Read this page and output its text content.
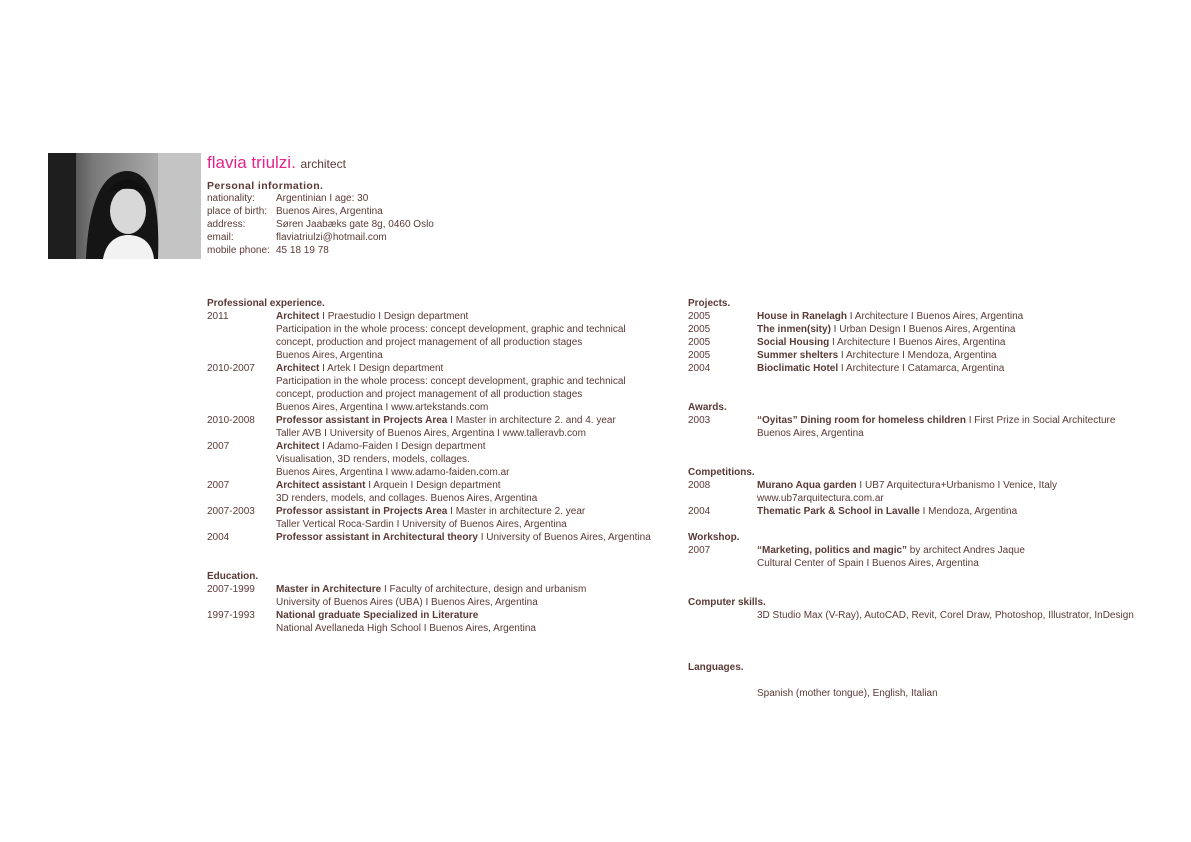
flavia triulzi. architect
Personal information.
nationality:	Argentinian I age: 30
place of birth: Buenos Aires, Argentina
address:	Søren Jaabæks gate 8g, 0460 Oslo
email:	flaviatriulzi@hotmail.com
mobile phone: 45 18 19 78
Professional experience.
2011	Architect I Praestudio I Design department
Participation in the whole process: concept development, graphic and technical
concept, production and project management of all production stages
Buenos Aires, Argentina
2010-2007	Architect I Artek I Design department
Participation in the whole process: concept development, graphic and technical
concept, production and project management of all production stages
Buenos Aires, Argentina I www.artekstands.com
2010-2008	Professor assistant in Projects Area I Master in architecture 2. and 4. year
Taller AVB I University of Buenos Aires, Argentina I www.talleravb.com
2007	Architect I Adamo-Faiden I Design department
Visualisation, 3D renders, models, collages.
Buenos Aires, Argentina I www.adamo-faiden.com.ar
2007	Architect assistant I Arquein I Design department
3D renders, models, and collages. Buenos Aires, Argentina
2007-2003	Professor assistant in Projects Area I Master in architecture 2. year
Taller Vertical Roca-Sardin I University of Buenos Aires, Argentina
2004	Professor assistant in Architectural theory I University of Buenos Aires, Argentina
Education.
2007-1999	Master in Architecture I Faculty of architecture, design and urbanism
University of Buenos Aires (UBA) I Buenos Aires, Argentina
1997-1993	National graduate Specialized in Literature
National Avellaneda High School I Buenos Aires, Argentina
Projects.
2005	House in Ranelagh I Architecture I Buenos Aires, Argentina
2005	The inmen(sity) I Urban Design I Buenos Aires, Argentina
2005	Social Housing I Architecture I Buenos Aires, Argentina
2005	Summer shelters I Architecture I Mendoza, Argentina
2004	Bioclimatic Hotel I Architecture I Catamarca, Argentina
Awards.
2003	“Oyitas” Dining room for homeless children I First Prize in Social Architecture
Buenos Aires, Argentina
Competitions.
2008	Murano Aqua garden I UB7 Arquitectura+Urbanismo I Venice, Italy
www.ub7arquitectura.com.ar
2004	Thematic Park & School in Lavalle I Mendoza, Argentina
Workshop.
2007	“Marketing, politics and magic” by architect Andres Jaque
Cultural Center of Spain I Buenos Aires, Argentina
Computer skills.
3D Studio Max (V-Ray), AutoCAD, Revit, Corel Draw, Photoshop, Illustrator, InDesign
Languages.
Spanish (mother tongue), English, Italian
